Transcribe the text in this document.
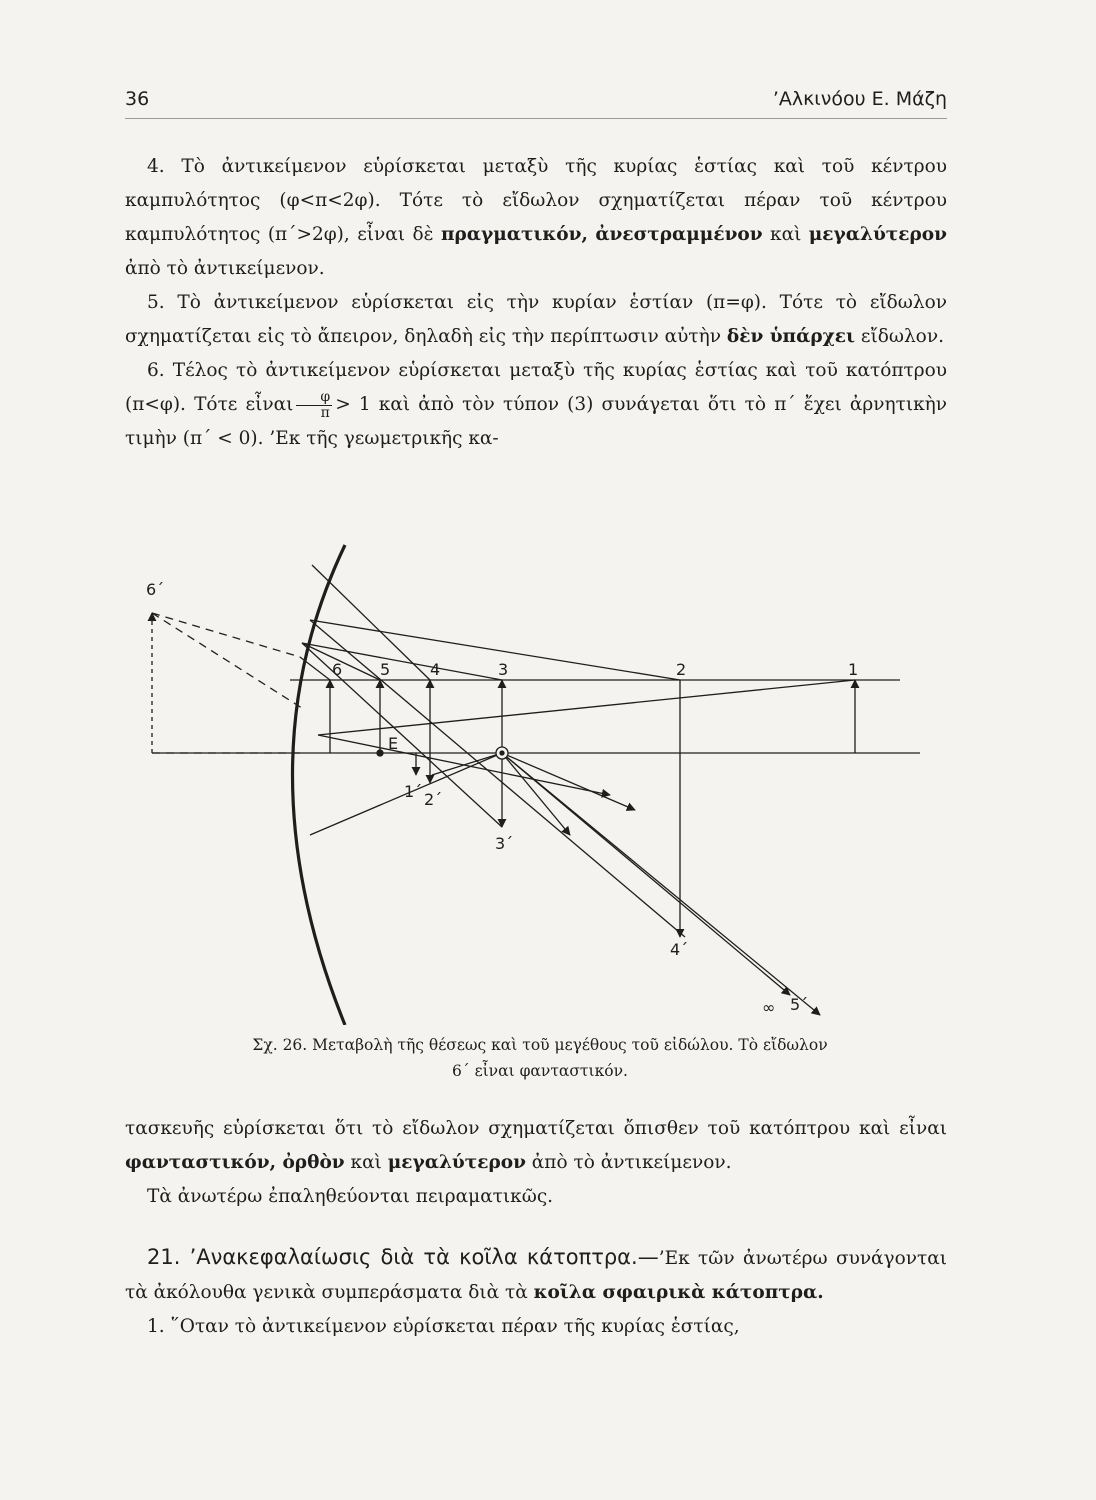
36	’Αλκινόου Ε. Μάζη

4. Τὸ ἀντικείμενον εὑρίσκεται μεταξὺ τῆς κυρίας ἑστίας καὶ τοῦ κέντρου καμπυλότητος (φ<π<2φ). Τότε τὸ εἴδωλον σχηματίζεται πέραν τοῦ κέντρου καμπυλότητος (π΄>2φ), εἶναι δὲ πραγματικόν, ἀνεστραμμένον καὶ μεγαλύτερον ἀπὸ τὸ ἀντικείμενον.

5. Τὸ ἀντικείμενον εὑρίσκεται εἰς τὴν κυρίαν ἑστίαν (π=φ). Τότε τὸ εἴδωλον σχηματίζεται εἰς τὸ ἄπειρον, δηλαδὴ εἰς τὴν περίπτωσιν αὐτὴν δὲν ὑπάρχει εἴδωλον.

6. Τέλος τὸ ἀντικείμενον εὑρίσκεται μεταξὺ τῆς κυρίας ἑστίας καὶ τοῦ κατόπτρου (π<φ). Τότε εἶναι $\frac{\varphi}{\pi} > 1$ καὶ ἀπὸ τὸν τύπον (3) συνάγεται ὅτι τὸ π΄ ἔχει ἀρνητικὴν τιμὴν (π΄ < 0). ’Εκ τῆς γεωμετρικῆς κα-

6 5 4	3	2	1
6΄
E
1΄ 2΄
3΄
4΄
5΄
∞
Σχ. 26. Μεταβολὴ τῆς θέσεως καὶ τοῦ μεγέθους τοῦ εἰδώλου. Τὸ εἴδωλον
6΄ εἶναι φανταστικόν.

τασκευῆς εὑρίσκεται ὅτι τὸ εἴδωλον σχηματίζεται ὄπισθεν τοῦ κατόπτρου καὶ εἶναι φανταστικόν, ὀρθὸν καὶ μεγαλύτερον ἀπὸ τὸ ἀντικείμενον.

Τὰ ἀνωτέρω ἐπαληθεύονται πειραματικῶς.

21. ’Ανακεφαλαίωσις διὰ τὰ κοῖλα κάτοπτρα.—’Εκ τῶν ἀνωτέρω συνάγονται τὰ ἀκόλουθα γενικὰ συμπεράσματα διὰ τὰ κοῖλα σφαιρικὰ κάτοπτρα.

1. ῞Οταν τὸ ἀντικείμενον εὑρίσκεται πέραν τῆς κυρίας ἑστίας,
